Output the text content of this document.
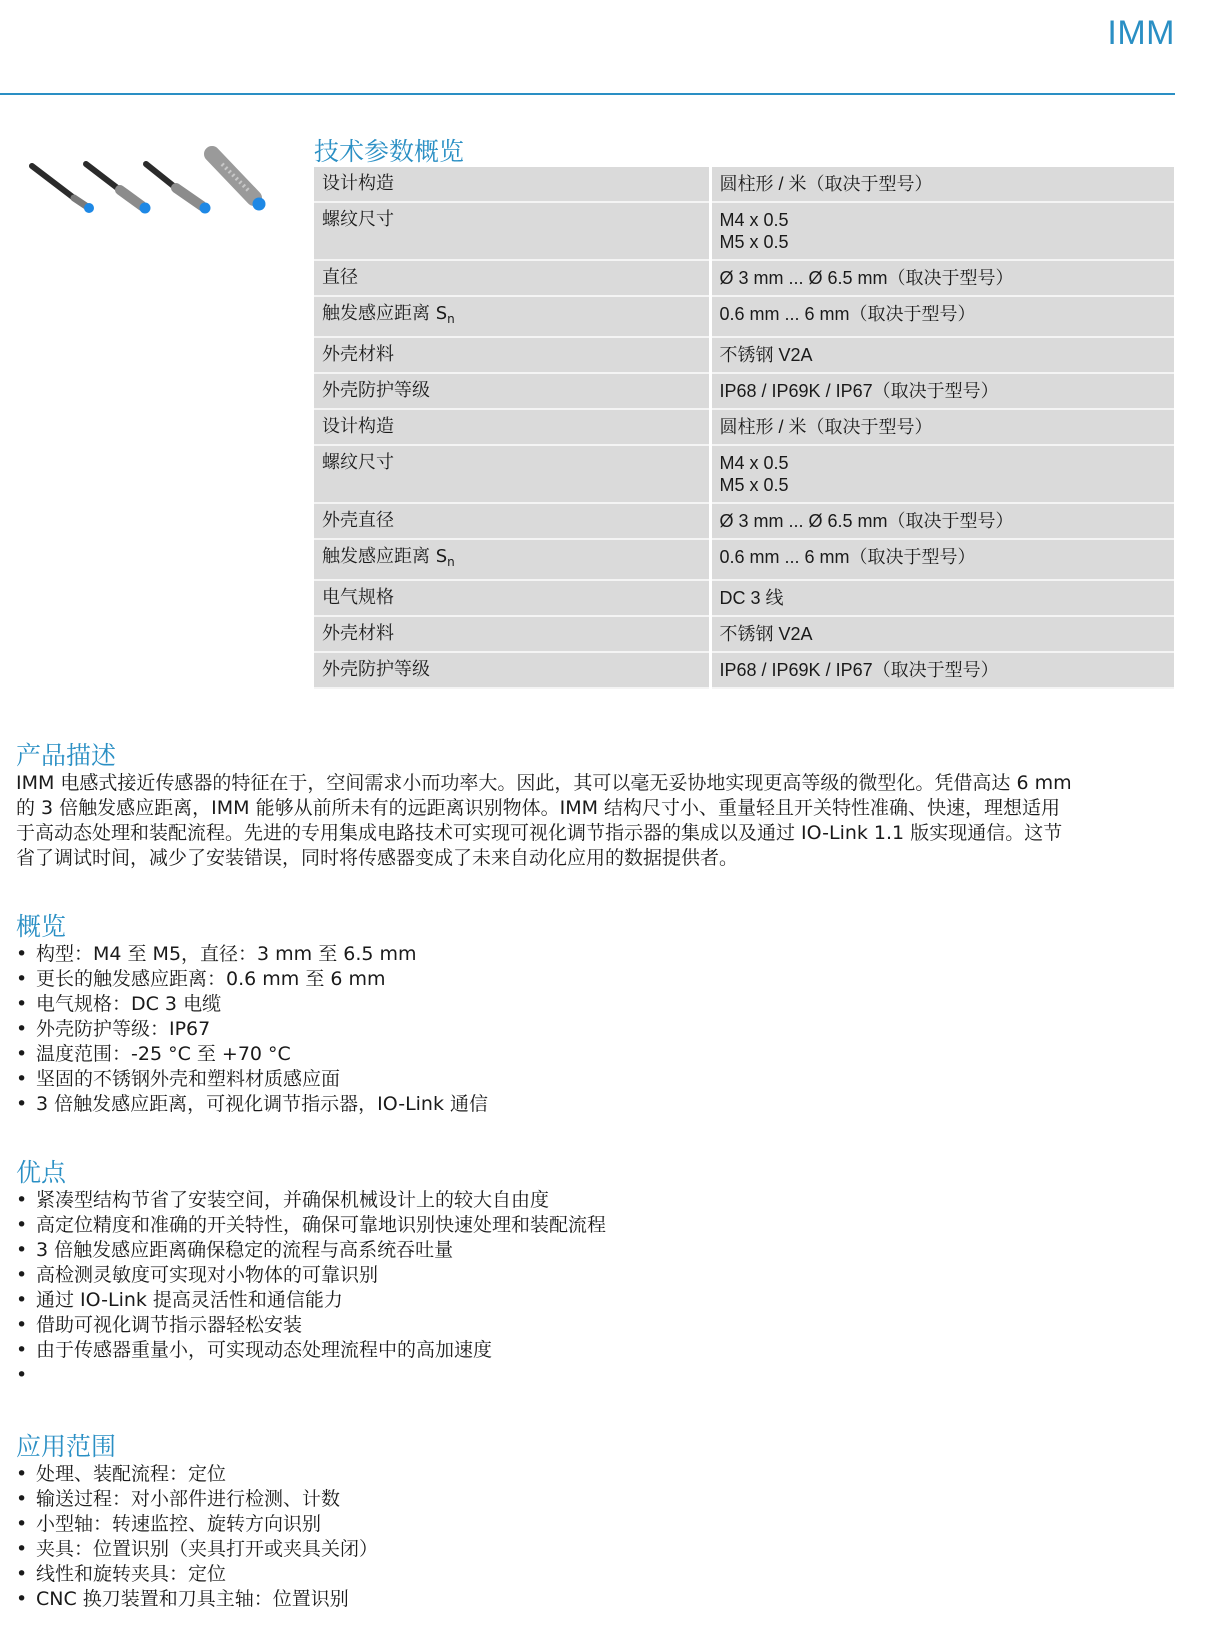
IMM
技术参数概览
设计构造	圆柱形 / 米（取决于型号）

螺纹尺寸	M4 x 0.5
M5 x 0.5

直径	Ø 3 mm ... Ø 6.5 mm（取决于型号）

触发感应距离 $S_n$	0.6 mm ... 6 mm（取决于型号）

外壳材料	不锈钢 V2A

外壳防护等级	IP68 / IP69K / IP67（取决于型号）

设计构造	圆柱形 / 米（取决于型号）

螺纹尺寸	M4 x 0.5
M5 x 0.5

外壳直径	Ø 3 mm ... Ø 6.5 mm（取决于型号）

触发感应距离 $S_n$	0.6 mm ... 6 mm（取决于型号）

电气规格	DC 3 线

外壳材料	不锈钢 V2A

外壳防护等级	IP68 / IP69K / IP67（取决于型号）
产品描述

IMM 电感式接近传感器的特征在于，空间需求小而功率大。因此，其可以毫无妥协地实现更高等级的微型化。凭借高达 6 mm

的 3 倍触发感应距离，IMM 能够从前所未有的远距离识别物体。IMM 结构尺寸小、重量轻且开关特性准确、快速，理想适用

于高动态处理和装配流程。先进的专用集成电路技术可实现可视化调节指示器的集成以及通过 IO-Link 1.1 版实现通信。这节

省了调试时间，减少了安装错误，同时将传感器变成了未来自动化应用的数据提供者。

概览
• 构型：M4 至 M5，直径：3 mm 至 6.5 mm
• 更长的触发感应距离：0.6 mm 至 6 mm
• 电气规格：DC 3 电缆
• 外壳防护等级：IP67
• 温度范围：-25 °C 至 +70 °C
• 坚固的不锈钢外壳和塑料材质感应面
• 3 倍触发感应距离，可视化调节指示器，IO-Link 通信
优点
• 紧凑型结构节省了安装空间，并确保机械设计上的较大自由度
• 高定位精度和准确的开关特性，确保可靠地识别快速处理和装配流程
• 3 倍触发感应距离确保稳定的流程与高系统吞吐量
• 高检测灵敏度可实现对小物体的可靠识别
• 通过 IO-Link 提高灵活性和通信能力
• 借助可视化调节指示器轻松安装
• 由于传感器重量小，可实现动态处理流程中的高加速度
•
应用范围
• 处理、装配流程：定位
• 输送过程：对小部件进行检测、计数
• 小型轴：转速监控、旋转方向识别
• 夹具：位置识别（夹具打开或夹具关闭）
• 线性和旋转夹具：定位
• CNC 换刀装置和刀具主轴：位置识别
